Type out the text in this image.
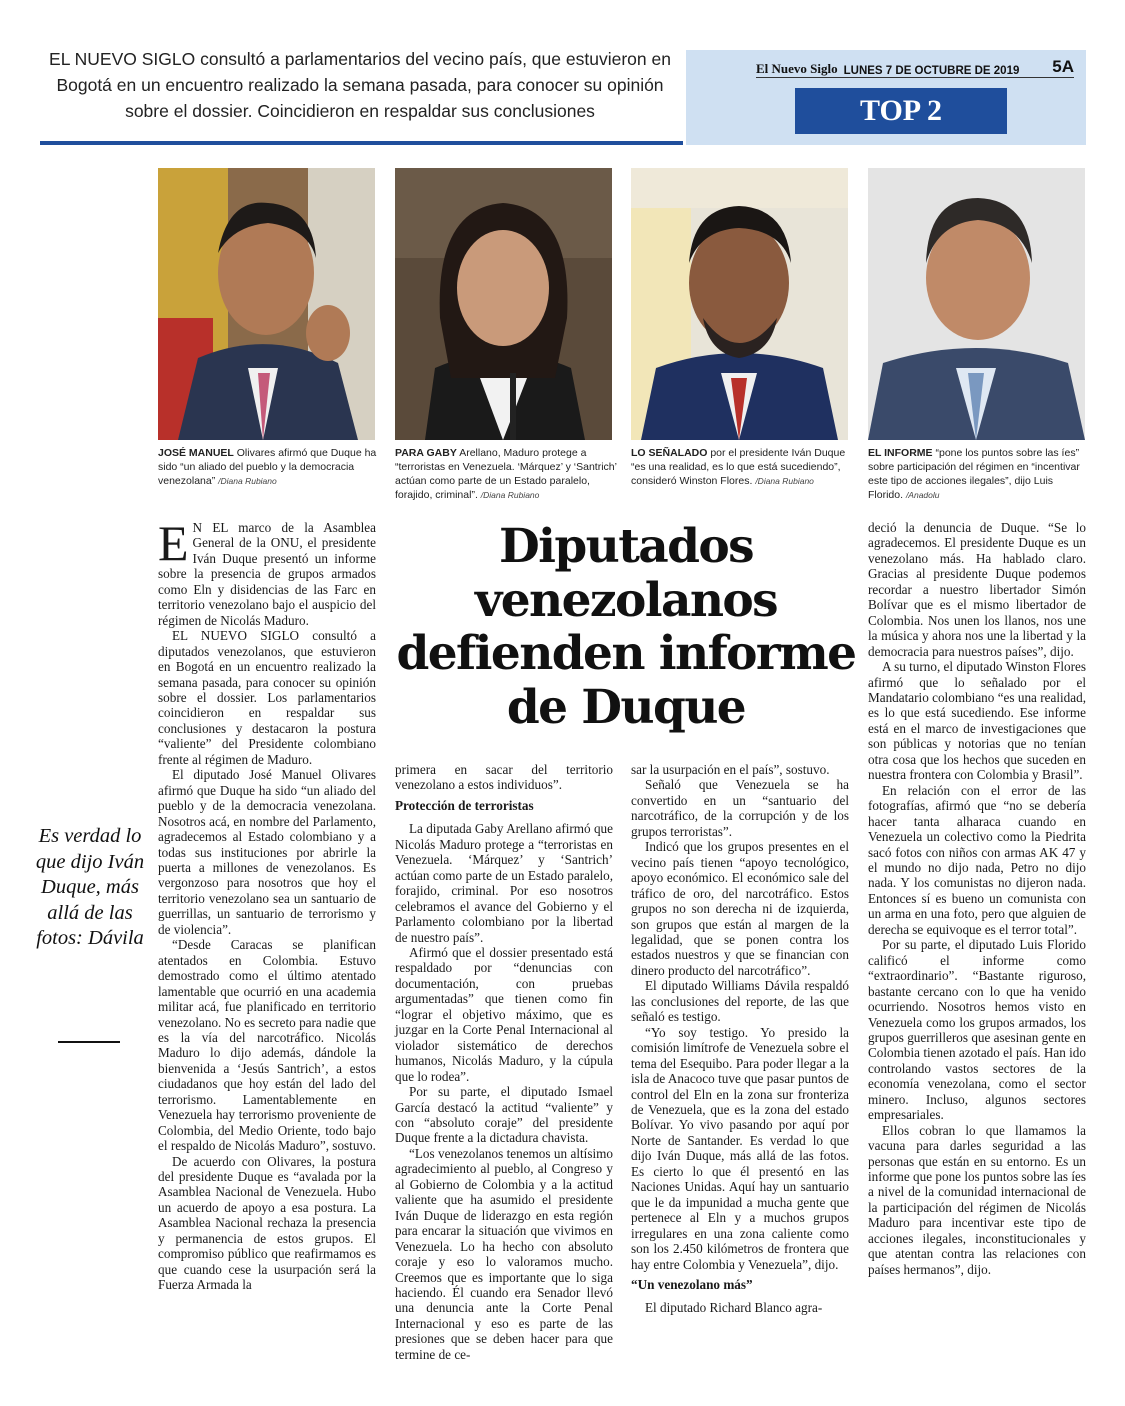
EL NUEVO SIGLO consultó a parlamentarios del vecino país, que estuvieron en Bogotá en un encuentro realizado la semana pasada, para conocer su opinión sobre el dossier. Coincidieron en respaldar sus conclusiones
El Nuevo Siglo LUNES 7 DE OCTUBRE DE 2019	5A
TOP 2
JOSÉ MANUEL Olivares afirmó que Duque ha sido “un aliado del pueblo y la democracia venezolana” /Diana Rubiano
PARA GABY Arellano, Maduro protege a “terroristas en Venezuela. ‘Márquez’ y ‘Santrich’ actúan como parte de un Estado paralelo, forajido, criminal”. /Diana Rubiano
LO SEÑALADO por el presidente Iván Duque “es una realidad, es lo que está sucediendo”, consideró Winston Flores. /Diana Rubiano
EL INFORME “pone los puntos sobre las íes” sobre participación del régimen en “incentivar este tipo de acciones ilegales”, dijo Luis Florido. /Anadolu
Es verdad lo que dijo Iván Duque, más allá de las fotos: Dávila
Diputados venezolanos defienden informe de Duque

E N EL marco de la Asamblea General de la ONU, el presidente Iván Duque presentó un informe sobre la presencia de grupos armados como Eln y disidencias de las Farc en territorio venezolano bajo el auspicio del régimen de Nicolás Maduro.

EL NUEVO SIGLO consultó a diputados venezolanos, que estuvieron en Bogotá en un encuentro realizado la semana pasada, para conocer su opinión sobre el dossier. Los parlamentarios coincidieron en respaldar sus conclusiones y destacaron la postura “valiente” del Presidente colombiano frente al régimen de Maduro.

El diputado José Manuel Olivares afirmó que Duque ha sido “un aliado del pueblo y de la democracia venezolana. Nosotros acá, en nombre del Parlamento, agradecemos al Estado colombiano y a todas sus instituciones por abrirle la puerta a millones de venezolanos. Es vergonzoso para nosotros que hoy el territorio venezolano sea un santuario de guerrillas, un santuario de terrorismo y de violencia”.

“Desde Caracas se planifican atentados en Colombia. Estuvo demostrado como el último atentado lamentable que ocurrió en una academia militar acá, fue planificado en territorio venezolano. No es secreto para nadie que es la vía del narcotráfico. Nicolás Maduro lo dijo además, dándole la bienvenida a ‘Jesús Santrich’, a estos ciudadanos que hoy están del lado del terrorismo. Lamentablemente en Venezuela hay terrorismo proveniente de Colombia, del Medio Oriente, todo bajo el respaldo de Nicolás Maduro”, sostuvo.

De acuerdo con Olivares, la postura del presidente Duque es “avalada por la Asamblea Nacional de Venezuela. Hubo un acuerdo de apoyo a esa postura. La Asamblea Nacional rechaza la presencia y permanencia de estos grupos. El compromiso público que reafirmamos es que cuando cese la usurpación será la Fuerza Armada la

primera en sacar del territorio venezolano a estos individuos”.

Protección de terroristas

La diputada Gaby Arellano afirmó que Nicolás Maduro protege a “terroristas en Venezuela. ‘Márquez’ y ‘Santrich’ actúan como parte de un Estado paralelo, forajido, criminal. Por eso nosotros celebramos el avance del Gobierno y el Parlamento colombiano por la libertad de nuestro país”.

Afirmó que el dossier presentado está respaldado por “denuncias con documentación, con pruebas argumentadas” que tienen como fin “lograr el objetivo máximo, que es juzgar en la Corte Penal Internacional al violador sistemático de derechos humanos, Nicolás Maduro, y la cúpula que lo rodea”.

Por su parte, el diputado Ismael García destacó la actitud “valiente” y con “absoluto coraje” del presidente Duque frente a la dictadura chavista.

“Los venezolanos tenemos un altísimo agradecimiento al pueblo, al Congreso y al Gobierno de Colombia y a la actitud valiente que ha asumido el presidente Iván Duque de liderazgo en esta región para encarar la situación que vivimos en Venezuela. Lo ha hecho con absoluto coraje y eso lo valoramos mucho. Creemos que es importante que lo siga haciendo. Él cuando era Senador llevó una denuncia ante la Corte Penal Internacional y eso es parte de las presiones que se deben hacer para que termine de ce-

sar la usurpación en el país”, sostuvo.

Señaló que Venezuela se ha convertido en un “santuario del narcotráfico, de la corrupción y de los grupos terroristas”.

Indicó que los grupos presentes en el vecino país tienen “apoyo tecnológico, apoyo económico. El económico sale del tráfico de oro, del narcotráfico. Estos grupos no son derecha ni de izquierda, son grupos que están al margen de la legalidad, que se ponen contra los estados nuestros y que se financian con dinero producto del narcotráfico”.

El diputado Williams Dávila respaldó las conclusiones del reporte, de las que señaló es testigo.

“Yo soy testigo. Yo presido la comisión limítrofe de Venezuela sobre el tema del Esequibo. Para poder llegar a la isla de Anacoco tuve que pasar puntos de control del Eln en la zona sur fronteriza de Venezuela, que es la zona del estado Bolívar. Yo vivo pasando por aquí por Norte de Santander. Es verdad lo que dijo Iván Duque, más allá de las fotos. Es cierto lo que él presentó en las Naciones Unidas. Aquí hay un santuario que le da impunidad a mucha gente que pertenece al Eln y a muchos grupos irregulares en una zona caliente como son los 2.450 kilómetros de frontera que hay entre Colombia y Venezuela”, dijo.

“Un venezolano más”

El diputado Richard Blanco agra-

deció la denuncia de Duque. “Se lo agradecemos. El presidente Duque es un venezolano más. Ha hablado claro. Gracias al presidente Duque podemos recordar a nuestro libertador Simón Bolívar que es el mismo libertador de Colombia. Nos unen los llanos, nos une la música y ahora nos une la libertad y la democracia para nuestros países”, dijo.

A su turno, el diputado Winston Flores afirmó que lo señalado por el Mandatario colombiano “es una realidad, es lo que está sucediendo. Ese informe está en el marco de investigaciones que son públicas y notorias que no tenían otra cosa que los hechos que suceden en nuestra frontera con Colombia y Brasil”.

En relación con el error de las fotografías, afirmó que “no se debería hacer tanta alharaca cuando en Venezuela un colectivo como la Piedrita sacó fotos con niños con armas AK 47 y el mundo no dijo nada, Petro no dijo nada. Y los comunistas no dijeron nada. Entonces sí es bueno un comunista con un arma en una foto, pero que alguien de derecha se equivoque es el terror total”.

Por su parte, el diputado Luis Florido calificó el informe como “extraordinario”. “Bastante riguroso, bastante cercano con lo que ha venido ocurriendo. Nosotros hemos visto en Venezuela como los grupos armados, los grupos guerrilleros que asesinan gente en Colombia tienen azotado el país. Han ido controlando vastos sectores de la economía venezolana, como el sector minero. Incluso, algunos sectores empresariales.

Ellos cobran lo que llamamos la vacuna para darles seguridad a las personas que están en su entorno. Es un informe que pone los puntos sobre las íes a nivel de la comunidad internacional de la participación del régimen de Nicolás Maduro para incentivar este tipo de acciones ilegales, inconstitucionales y que atentan contra las relaciones con países hermanos”, dijo.
